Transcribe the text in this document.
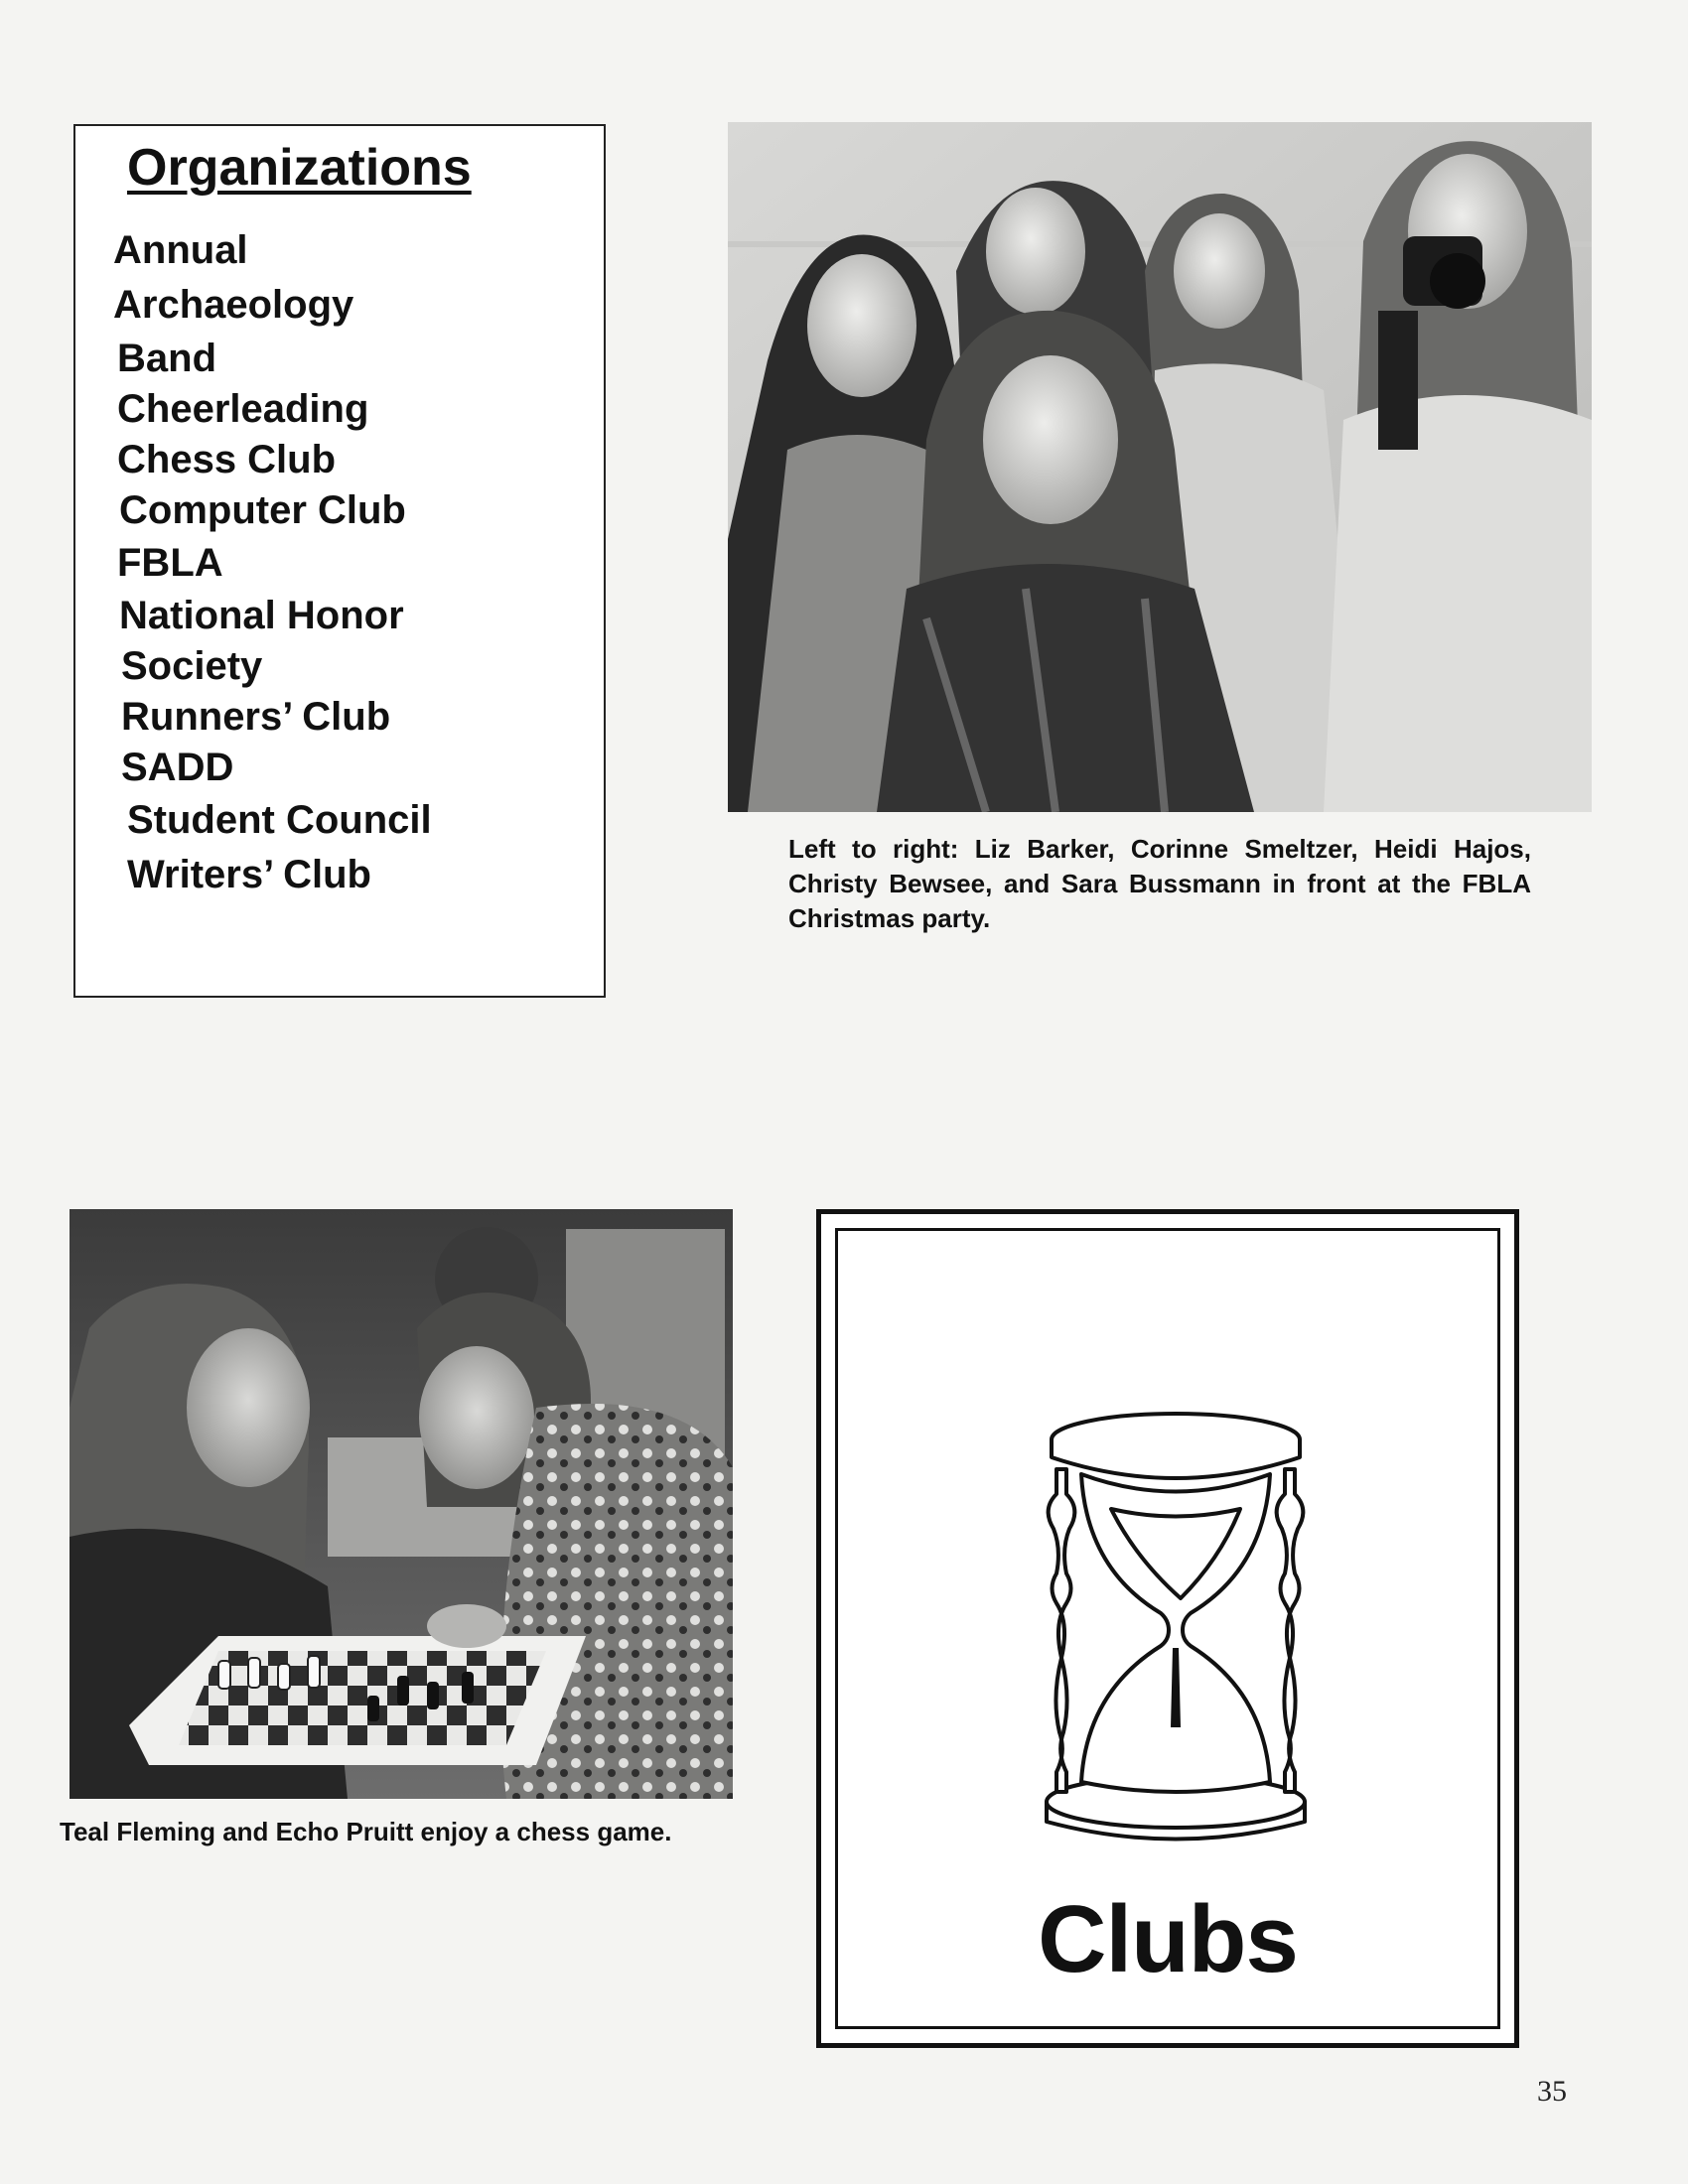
Organizations
Annual
Archaeology
Band
Cheerleading
Chess Club
Computer Club
FBLA
National Honor
Society
Runners’ Club
SADD
Student Council
Writers’ Club
Left to right: Liz Barker, Corinne Smeltzer, Heidi Hajos, Christy Bewsee, and Sara Bussmann in front at the FBLA Christmas party.
Teal Fleming and Echo Pruitt enjoy a chess game.
Clubs
35
